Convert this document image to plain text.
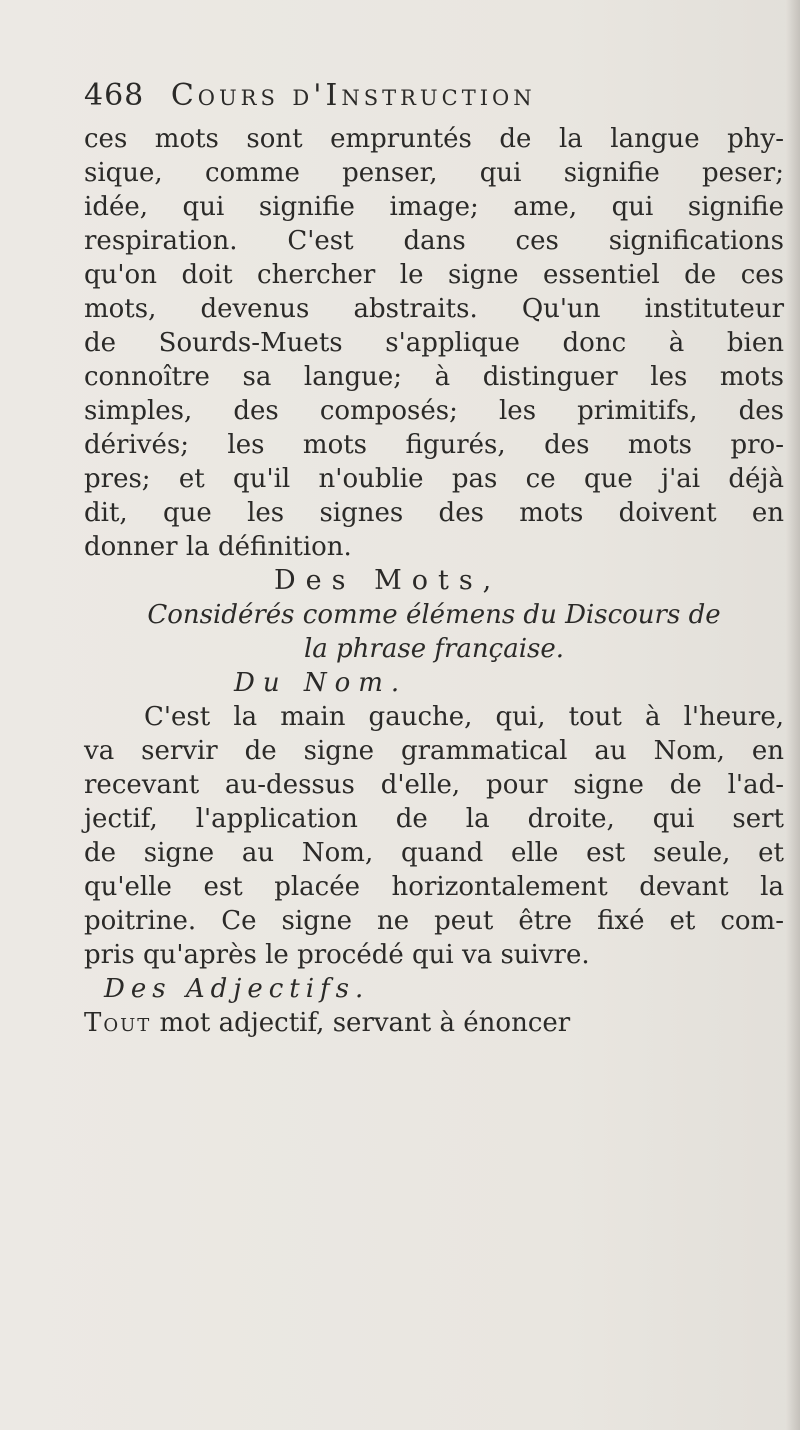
468 Cours d'Instruction
ces mots sont empruntés de la langue phy-
sique, comme penser, qui signifie peser;
idée, qui signifie image; ame, qui signifie
respiration. C'est dans ces significations
qu'on doit chercher le signe essentiel de ces
mots, devenus abstraits. Qu'un instituteur
de Sourds-Muets s'applique donc à bien
connoître sa langue; à distinguer les mots
simples, des composés; les primitifs, des
dérivés; les mots figurés, des mots pro-
pres; et qu'il n'oublie pas ce que j'ai déjà
dit, que les signes des mots doivent en
donner la définition.
Des Mots,
Considérés comme élémens du Discours de
la phrase française.
Du Nom.
C'est la main gauche, qui, tout à l'heure,
va servir de signe grammatical au Nom, en
recevant au-dessus d'elle, pour signe de l'ad-
jectif, l'application de la droite, qui sert
de signe au Nom, quand elle est seule, et
qu'elle est placée horizontalement devant la
poitrine. Ce signe ne peut être fixé et com-
pris qu'après le procédé qui va suivre.
Des Adjectifs.
Tout mot adjectif, servant à énoncer
